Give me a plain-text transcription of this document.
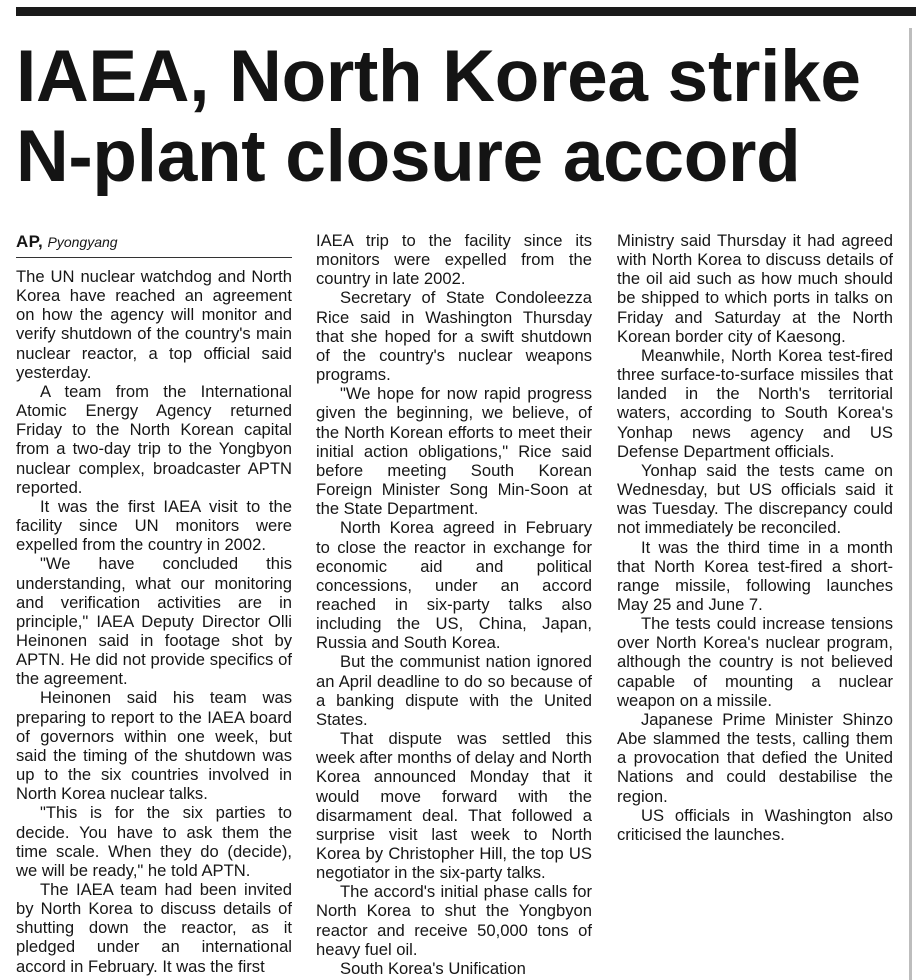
IAEA, North Korea strike
N-plant closure accord
AP, Pyongyang

The UN nuclear watchdog and North Korea have reached an agreement on how the agency will monitor and verify shutdown of the country's main nuclear reactor, a top official said yesterday.

A team from the International Atomic Energy Agency returned Friday to the North Korean capital from a two-day trip to the Yongbyon nuclear complex, broadcaster APTN reported.

It was the first IAEA visit to the facility since UN monitors were expelled from the country in 2002.

"We have concluded this understanding, what our monitoring and verification activities are in principle," IAEA Deputy Director Olli Heinonen said in footage shot by APTN. He did not provide specifics of the agreement.

Heinonen said his team was preparing to report to the IAEA board of governors within one week, but said the timing of the shutdown was up to the six countries involved in North Korea nuclear talks.

"This is for the six parties to decide. You have to ask them the time scale. When they do (decide), we will be ready," he told APTN.

The IAEA team had been invited by North Korea to discuss details of shutting down the reactor, as it pledged under an international accord in February. It was the first

IAEA trip to the facility since its monitors were expelled from the country in late 2002.

Secretary of State Condoleezza Rice said in Washington Thursday that she hoped for a swift shutdown of the country's nuclear weapons programs.

"We hope for now rapid progress given the beginning, we believe, of the North Korean efforts to meet their initial action obligations," Rice said before meeting South Korean Foreign Minister Song Min-Soon at the State Department.

North Korea agreed in February to close the reactor in exchange for economic aid and political concessions, under an accord reached in six-party talks also including the US, China, Japan, Russia and South Korea.

But the communist nation ignored an April deadline to do so because of a banking dispute with the United States.

That dispute was settled this week after months of delay and North Korea announced Monday that it would move forward with the disarmament deal. That followed a surprise visit last week to North Korea by Christopher Hill, the top US negotiator in the six-party talks.

The accord's initial phase calls for North Korea to shut the Yongbyon reactor and receive 50,000 tons of heavy fuel oil.

South Korea's Unification

Ministry said Thursday it had agreed with North Korea to discuss details of the oil aid such as how much should be shipped to which ports in talks on Friday and Saturday at the North Korean border city of Kaesong.

Meanwhile, North Korea test-fired three surface-to-surface missiles that landed in the North's territorial waters, according to South Korea's Yonhap news agency and US Defense Department officials.

Yonhap said the tests came on Wednesday, but US officials said it was Tuesday. The discrepancy could not immediately be reconciled.

It was the third time in a month that North Korea test-fired a short-range missile, following launches May 25 and June 7.

The tests could increase tensions over North Korea's nuclear program, although the country is not believed capable of mounting a nuclear weapon on a missile.

Japanese Prime Minister Shinzo Abe slammed the tests, calling them a provocation that defied the United Nations and could destabilise the region.

US officials in Washington also criticised the launches.
